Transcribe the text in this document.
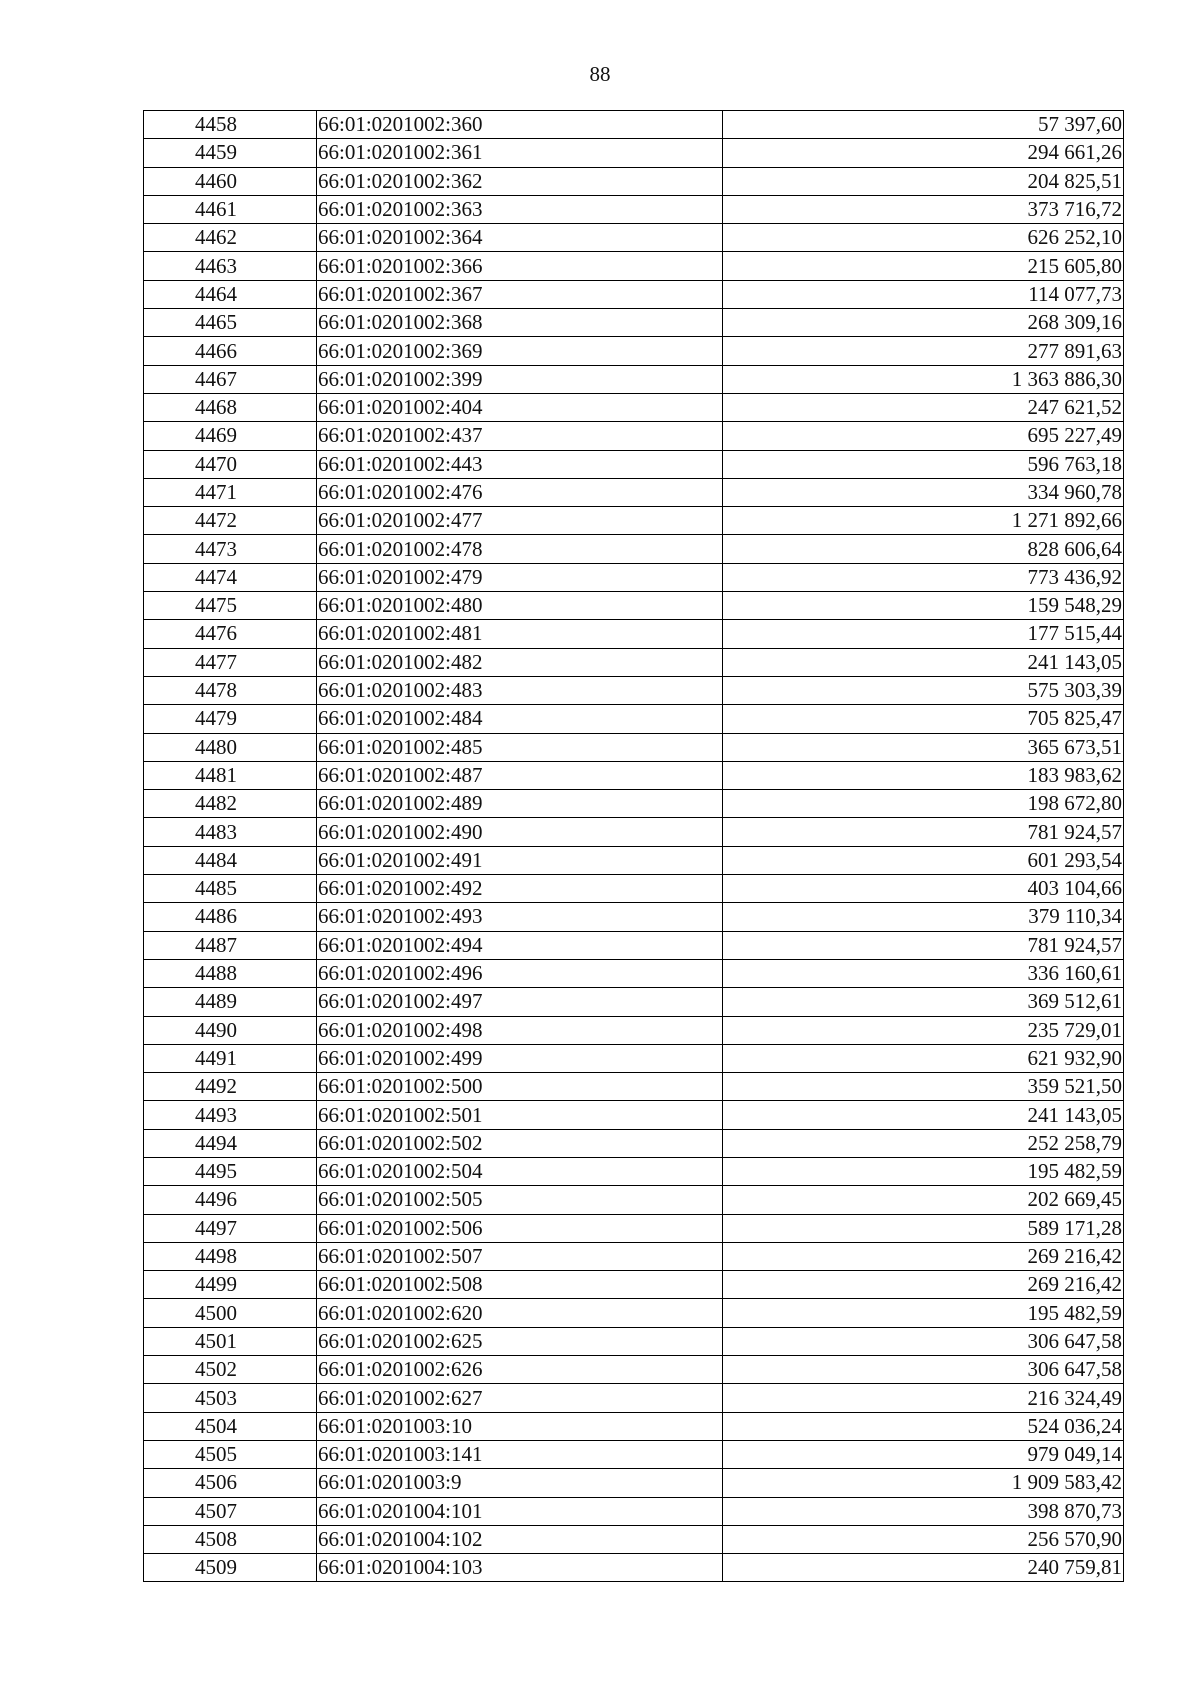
88
4458	66:01:0201002:360	57 397,60
4459	66:01:0201002:361	294 661,26
4460	66:01:0201002:362	204 825,51
4461	66:01:0201002:363	373 716,72
4462	66:01:0201002:364	626 252,10
4463	66:01:0201002:366	215 605,80
4464	66:01:0201002:367	114 077,73
4465	66:01:0201002:368	268 309,16
4466	66:01:0201002:369	277 891,63
4467	66:01:0201002:399	1 363 886,30
4468	66:01:0201002:404	247 621,52
4469	66:01:0201002:437	695 227,49
4470	66:01:0201002:443	596 763,18
4471	66:01:0201002:476	334 960,78
4472	66:01:0201002:477	1 271 892,66
4473	66:01:0201002:478	828 606,64
4474	66:01:0201002:479	773 436,92
4475	66:01:0201002:480	159 548,29
4476	66:01:0201002:481	177 515,44
4477	66:01:0201002:482	241 143,05
4478	66:01:0201002:483	575 303,39
4479	66:01:0201002:484	705 825,47
4480	66:01:0201002:485	365 673,51
4481	66:01:0201002:487	183 983,62
4482	66:01:0201002:489	198 672,80
4483	66:01:0201002:490	781 924,57
4484	66:01:0201002:491	601 293,54
4485	66:01:0201002:492	403 104,66
4486	66:01:0201002:493	379 110,34
4487	66:01:0201002:494	781 924,57
4488	66:01:0201002:496	336 160,61
4489	66:01:0201002:497	369 512,61
4490	66:01:0201002:498	235 729,01
4491	66:01:0201002:499	621 932,90
4492	66:01:0201002:500	359 521,50
4493	66:01:0201002:501	241 143,05
4494	66:01:0201002:502	252 258,79
4495	66:01:0201002:504	195 482,59
4496	66:01:0201002:505	202 669,45
4497	66:01:0201002:506	589 171,28
4498	66:01:0201002:507	269 216,42
4499	66:01:0201002:508	269 216,42
4500	66:01:0201002:620	195 482,59
4501	66:01:0201002:625	306 647,58
4502	66:01:0201002:626	306 647,58
4503	66:01:0201002:627	216 324,49
4504	66:01:0201003:10	524 036,24
4505	66:01:0201003:141	979 049,14
4506	66:01:0201003:9	1 909 583,42
4507	66:01:0201004:101	398 870,73
4508	66:01:0201004:102	256 570,90
4509	66:01:0201004:103	240 759,81
